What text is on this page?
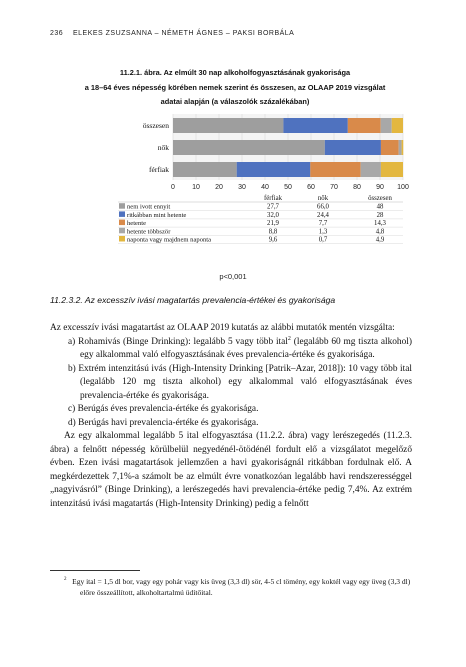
236 ELEKES ZSUZSANNA – NÉMETH ÁGNES – PAKSI BORBÁLA
11.2.1. ábra. Az elmúlt 30 nap alkoholfogyasztásának gyakorisága
a 18–64 éves népesség körében nemek szerint és összesen, az OLAAP 2019 vizsgálat
adatai alapján (a válaszolók százalékában)
0 10 20 30 40 50 60 70 80 90 100
összesen
nők
férfiak
férfiak	nők	összesen
nem ivott ennyit	27,7	66,0	48
ritkábban mint hetente	32,0	24,4	28
hetente	21,9	7,7	14,3
hetente többször	8,8	1,3	4,8
naponta vagy majdnem naponta	9,6	0,7	4,9
p<0,001
11.2.3.2. Az excesszív ivási magatartás prevalencia-értékei és gyakorisága

Az excesszív ivási magatartást az OLAAP 2019 kutatás az alábbi mutatók mentén vizsgálta:

a) Rohamivás (Binge Drinking): legalább 5 vagy több ital$^2$ (legalább 60 mg tiszta alkohol) egy alkalommal való elfogyasztásának éves prevalencia-értéke és gyakorisága.
b) Extrém intenzitású ivás (High-Intensity Drinking [Patrik–Azar, 2018]): 10 vagy több ital (legalább 120 mg tiszta alkohol) egy alkalommal való elfogyasztásának éves prevalencia-értéke és gyakorisága.
c) Berúgás éves prevalencia-értéke és gyakorisága.
d) Berúgás havi prevalencia-értéke és gyakorisága.

Az egy alkalommal legalább 5 ital elfogyasztása (11.2.2. ábra) vagy lerészegedés (11.2.3. ábra) a felnőtt népesség körülbelül negyedénél-ötödénél fordult elő a vizsgálatot megelőző évben. Ezen ivási magatartások jellemzően a havi gyakoriságnál ritkábban fordulnak elő. A megkérdezettek 7,1%-a számolt be az elmúlt évre vonatkozóan legalább havi rendszerességgel „nagyivásról” (Binge Drinking), a lerészegedés havi prevalencia-értéke pedig 7,4%. Az extrém intenzitású ivási magatartás (High-Intensity Drinking) pedig a felnőtt

$^2$ Egy ital = 1,5 dl bor, vagy egy pohár vagy kis üveg (3,3 dl) sör, 4-5 cl tömény, egy koktél vagy egy üveg (3,3 dl) előre összeállított, alkoholtartalmú üdítőital.
